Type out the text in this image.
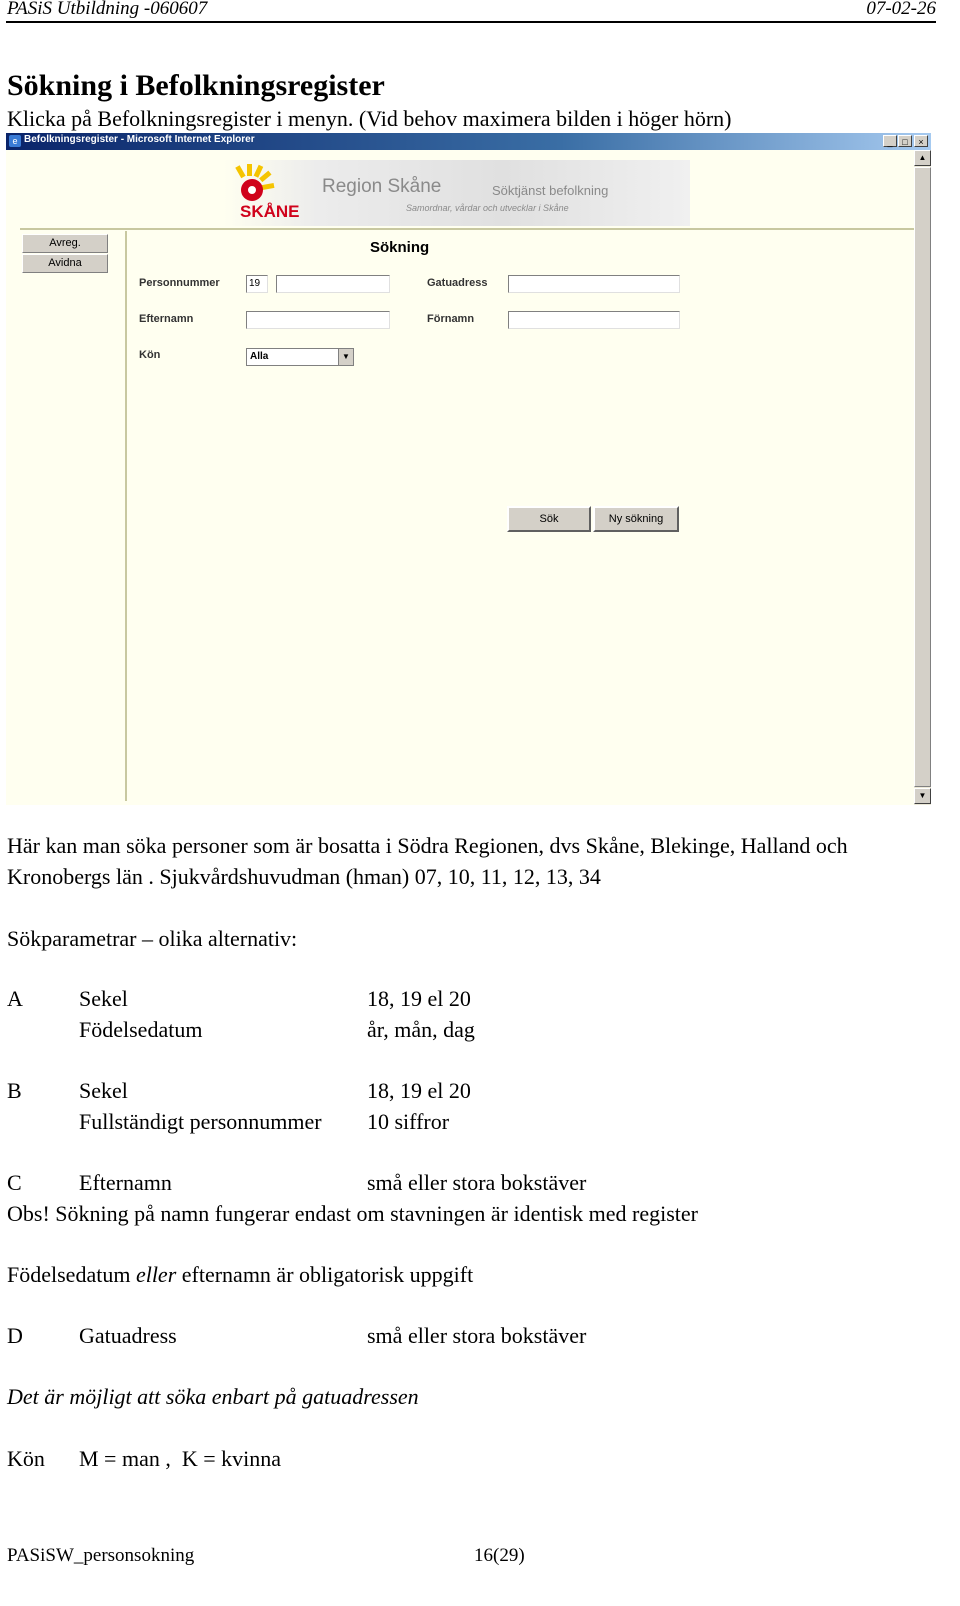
PASiS Utbildning -060607	07-02-26
Sökning i Befolkningsregister
Klicka på Befolkningsregister i menyn. (Vid behov maximera bilden i höger hörn)
e Befolkningsregister - Microsoft Internet Explorer	_	□	×
SKÅNE
Region Skåne	Söktjänst befolkning
Samordnar, vårdar och utvecklar i Skåne
Avreg.
Avidna
Sökning
Personnummer	19	Gatuadress
Efternamn	Förnamn
Kön	Alla	▼
Sök	Ny sökning
▲
▼
Här kan man söka personer som är bosatta i Södra Regionen, dvs Skåne, Blekinge, Halland och
Kronobergs län . Sjukvårdshuvudman (hman) 07, 10, 11, 12, 13, 34
Sökparametrar – olika alternativ:
A	Sekel	18, 19 el 20
Födelsedatum	år, mån, dag
B	Sekel	18, 19 el 20
Fullständigt personnummer 10 siffror
C	Efternamn	små eller stora bokstäver
Obs! Sökning på namn fungerar endast om stavningen är identisk med register
Födelsedatum eller efternamn är obligatorisk uppgift
D	Gatuadress	små eller stora bokstäver
Det är möjligt att söka enbart på gatuadressen
Kön M = man ,  K = kvinna
PASiSW_personsokning	16(29)
